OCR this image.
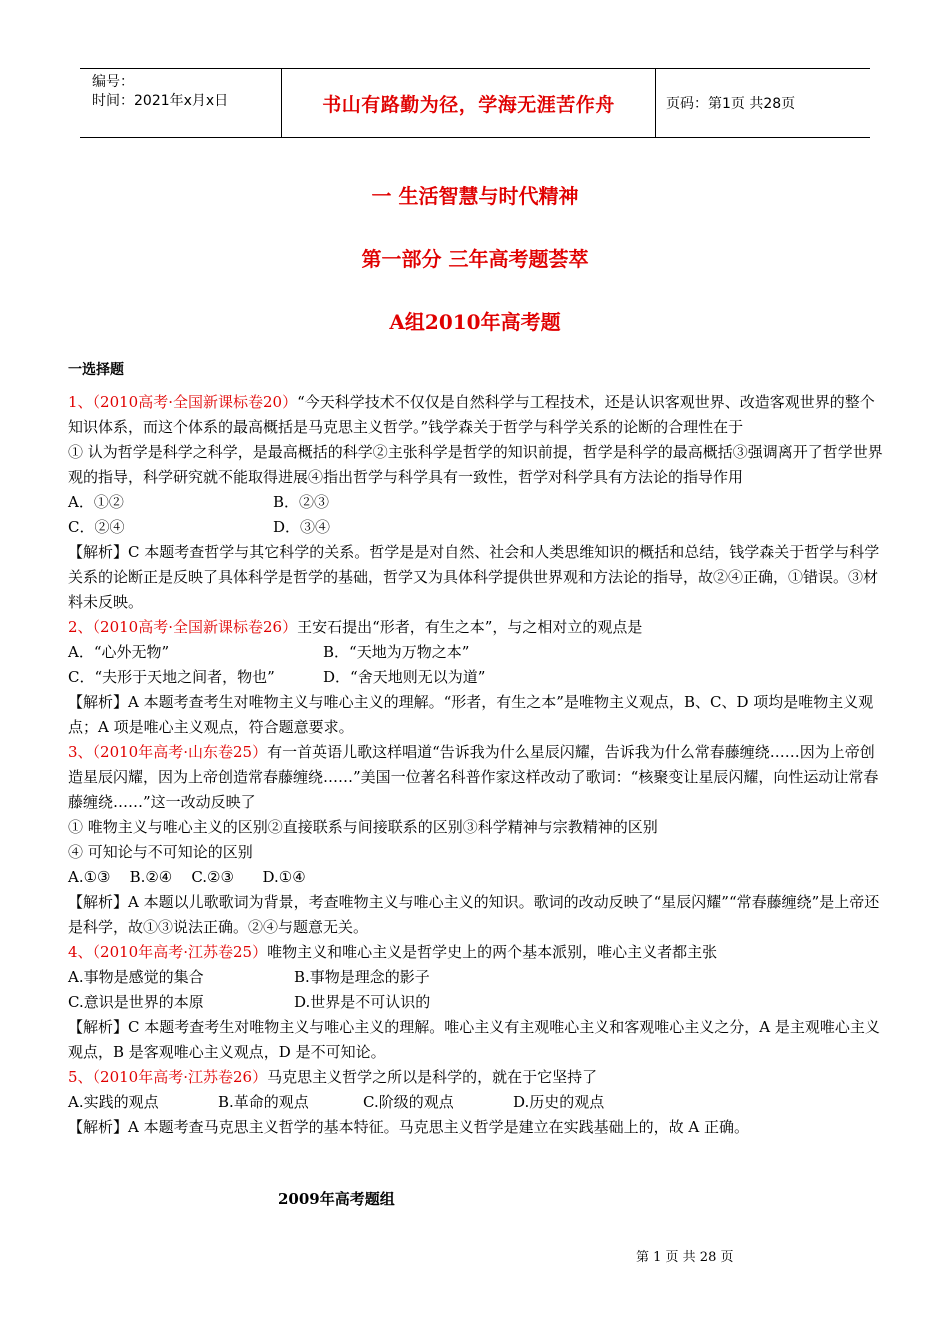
编号：
时间：2021年x月x日	书山有路勤为径，学海无涯苦作舟	页码：第1页 共28页
一 生活智慧与时代精神
第一部分 三年高考题荟萃
A组2010年高考题
一选择题

1、（2010高考·全国新课标卷20）“今天科学技术不仅仅是自然科学与工程技术，还是认识客观世界、改造客观世界的整个知识体系，而这个体系的最高概括是马克思主义哲学。”钱学森关于哲学与科学关系的论断的合理性在于

① 认为哲学是科学之科学，是最高概括的科学②主张科学是哲学的知识前提，哲学是科学的最高概括③强调离开了哲学世界观的指导，科学研究就不能取得进展④指出哲学与科学具有一致性，哲学对科学具有方法论的指导作用

A．①②	B．②③
C．②④	D．③④

【解析】C 本题考查哲学与其它科学的关系。哲学是是对自然、社会和人类思维知识的概括和总结，钱学森关于哲学与科学关系的论断正是反映了具体科学是哲学的基础，哲学又为具体科学提供世界观和方法论的指导，故②④正确，①错误。③材料未反映。

2、（2010高考·全国新课标卷26）王安石提出“形者，有生之本”，与之相对立的观点是

A．“心外无物”	B．“天地为万物之本”
C．“夫形于天地之间者，物也”	D．“舍天地则无以为道”

【解析】A 本题考查考生对唯物主义与唯心主义的理解。“形者，有生之本”是唯物主义观点，B、C、D 项均是唯物主义观点；A 项是唯心主义观点，符合题意要求。

3、（2010年高考·山东卷25）有一首英语儿歌这样唱道“告诉我为什么星辰闪耀，告诉我为什么常春藤缠绕……因为上帝创造星辰闪耀，因为上帝创造常春藤缠绕……”美国一位著名科普作家这样改动了歌词：“核聚变让星辰闪耀，向性运动让常春藤缠绕……”这一改动反映了

① 唯物主义与唯心主义的区别②直接联系与间接联系的区别③科学精神与宗教精神的区别

④ 可知论与不可知论的区别

A.①③    B.②④    C.②③      D.①④

【解析】A 本题以儿歌歌词为背景，考查唯物主义与唯心主义的知识。歌词的改动反映了“星辰闪耀”“常春藤缠绕”是上帝还是科学，故①③说法正确。②④与题意无关。

4、（2010年高考·江苏卷25）唯物主义和唯心主义是哲学史上的两个基本派别，唯心主义者都主张

A.事物是感觉的集合	B.事物是理念的影子
C.意识是世界的本原	D.世界是不可认识的

【解析】C 本题考查考生对唯物主义与唯心主义的理解。唯心主义有主观唯心主义和客观唯心主义之分，A 是主观唯心主义观点，B 是客观唯心主义观点，D 是不可知论。

5、（2010年高考·江苏卷26）马克思主义哲学之所以是科学的，就在于它坚持了

A.实践的观点	B.革命的观点	C.阶级的观点	D.历史的观点

【解析】A 本题考查马克思主义哲学的基本特征。马克思主义哲学是建立在实践基础上的，故 A 正确。

2009年高考题组
第 1 页 共 28 页
